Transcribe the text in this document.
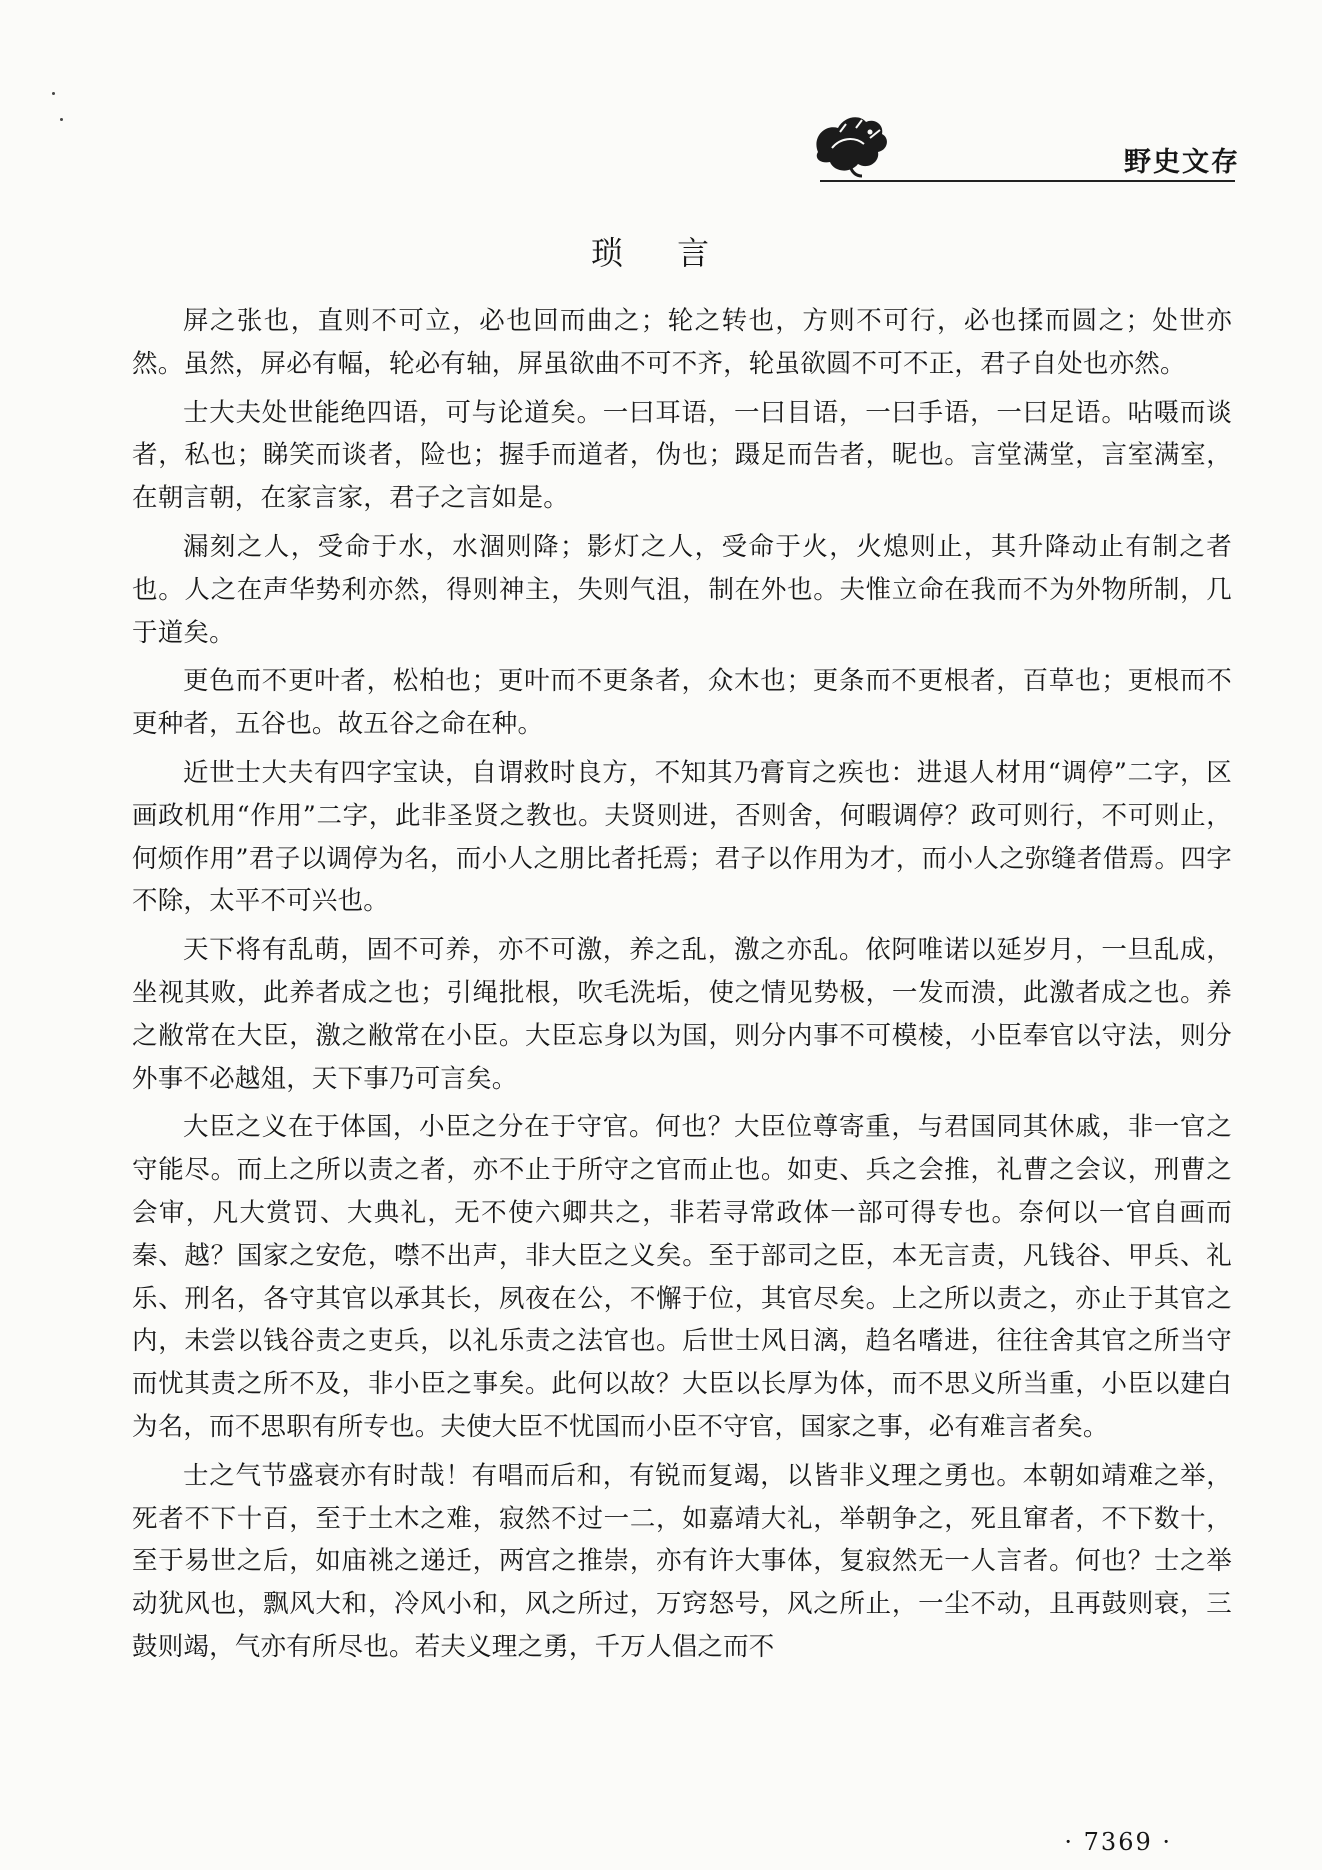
野史文存
琐 言

屏之张也，直则不可立，必也回而曲之；轮之转也，方则不可行，必也揉而圆之；处世亦然。虽然，屏必有幅，轮必有轴，屏虽欲曲不可不齐，轮虽欲圆不可不正，君子自处也亦然。

士大夫处世能绝四语，可与论道矣。一曰耳语，一曰目语，一曰手语，一曰足语。呫嗫而谈者，私也；睇笑而谈者，险也；握手而道者，伪也；蹑足而告者，昵也。言堂满堂，言室满室，在朝言朝，在家言家，君子之言如是。

漏刻之人，受命于水，水涸则降；影灯之人，受命于火，火熄则止，其升降动止有制之者也。人之在声华势利亦然，得则神主，失则气沮，制在外也。夫惟立命在我而不为外物所制，几于道矣。

更色而不更叶者，松柏也；更叶而不更条者，众木也；更条而不更根者，百草也；更根而不更种者，五谷也。故五谷之命在种。

近世士大夫有四字宝诀，自谓救时良方，不知其乃膏肓之疾也：进退人材用“调停”二字，区画政机用“作用”二字，此非圣贤之教也。夫贤则进，否则舍，何暇调停？政可则行，不可则止，何烦作用”君子以调停为名，而小人之朋比者托焉；君子以作用为才，而小人之弥缝者借焉。四字不除，太平不可兴也。

天下将有乱萌，固不可养，亦不可激，养之乱，激之亦乱。依阿唯诺以延岁月，一旦乱成，坐视其败，此养者成之也；引绳批根，吹毛洗垢，使之情见势极，一发而溃，此激者成之也。养之敝常在大臣，激之敝常在小臣。大臣忘身以为国，则分内事不可模棱，小臣奉官以守法，则分外事不必越俎，天下事乃可言矣。

大臣之义在于体国，小臣之分在于守官。何也？大臣位尊寄重，与君国同其休戚，非一官之守能尽。而上之所以责之者，亦不止于所守之官而止也。如吏、兵之会推，礼曹之会议，刑曹之会审，凡大赏罚、大典礼，无不使六卿共之，非若寻常政体一部可得专也。奈何以一官自画而秦、越？国家之安危，噤不出声，非大臣之义矣。至于部司之臣，本无言责，凡钱谷、甲兵、礼乐、刑名，各守其官以承其长，夙夜在公，不懈于位，其官尽矣。上之所以责之，亦止于其官之内，未尝以钱谷责之吏兵，以礼乐责之法官也。后世士风日漓，趋名嗜进，往往舍其官之所当守而忧其责之所不及，非小臣之事矣。此何以故？大臣以长厚为体，而不思义所当重，小臣以建白为名，而不思职有所专也。夫使大臣不忧国而小臣不守官，国家之事，必有难言者矣。

士之气节盛衰亦有时哉！有唱而后和，有锐而复竭，以皆非义理之勇也。本朝如靖难之举，死者不下十百，至于土木之难，寂然不过一二，如嘉靖大礼，举朝争之，死且窜者，不下数十，至于易世之后，如庙祧之递迁，两宫之推崇，亦有许大事体，复寂然无一人言者。何也？士之举动犹风也，飘风大和，冷风小和，风之所过，万窍怒号，风之所止，一尘不动，且再鼓则衰，三鼓则竭，气亦有所尽也。若夫义理之勇，千万人倡之而不

· 7369 ·
